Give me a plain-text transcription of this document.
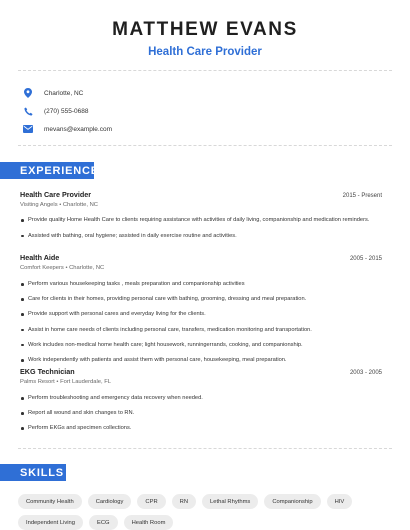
MATTHEW EVANS
Health Care Provider
Charlotte, NC
(270) 555-0688
mevans@example.com
EXPERIENCE
Health Care Provider	2015 - Present
Visiting Angels • Charlotte, NC
Provide quality Home Health Care to clients requiring assistance with activities of daily living, companionship and medication reminders.
Assisted with bathing, oral hygiene; assisted in daily exercise routine and activities.
Health Aide	2005 - 2015
Comfort Keepers • Charlotte, NC
Perform various housekeeping tasks , meals preparation and companionship activities
Care for clients in their homes, providing personal care with bathing, grooming, dressing and meal preparation.
Provide support with personal cares and everyday living for the clients.
Assist in home care needs of clients including personal care, transfers, medication monitoring and transportation.
Work includes non-medical home health care; light housework, runningerrands, cooking, and companionship.
Work independently with patients and assist them with personal care, housekeeping, meal preparation.
EKG Technician	2003 - 2005
Palms Resort • Fort Lauderdale, FL
Perform troubleshooting and emergency data recovery when needed.
Report all wound and skin changes to RN.
Perform EKGs and specimen collections.
SKILLS
Community Health	Cardiology	CPR	RN	Lethal Rhythms	Companionship	HIV
Independent Living	ECG	Health Room
